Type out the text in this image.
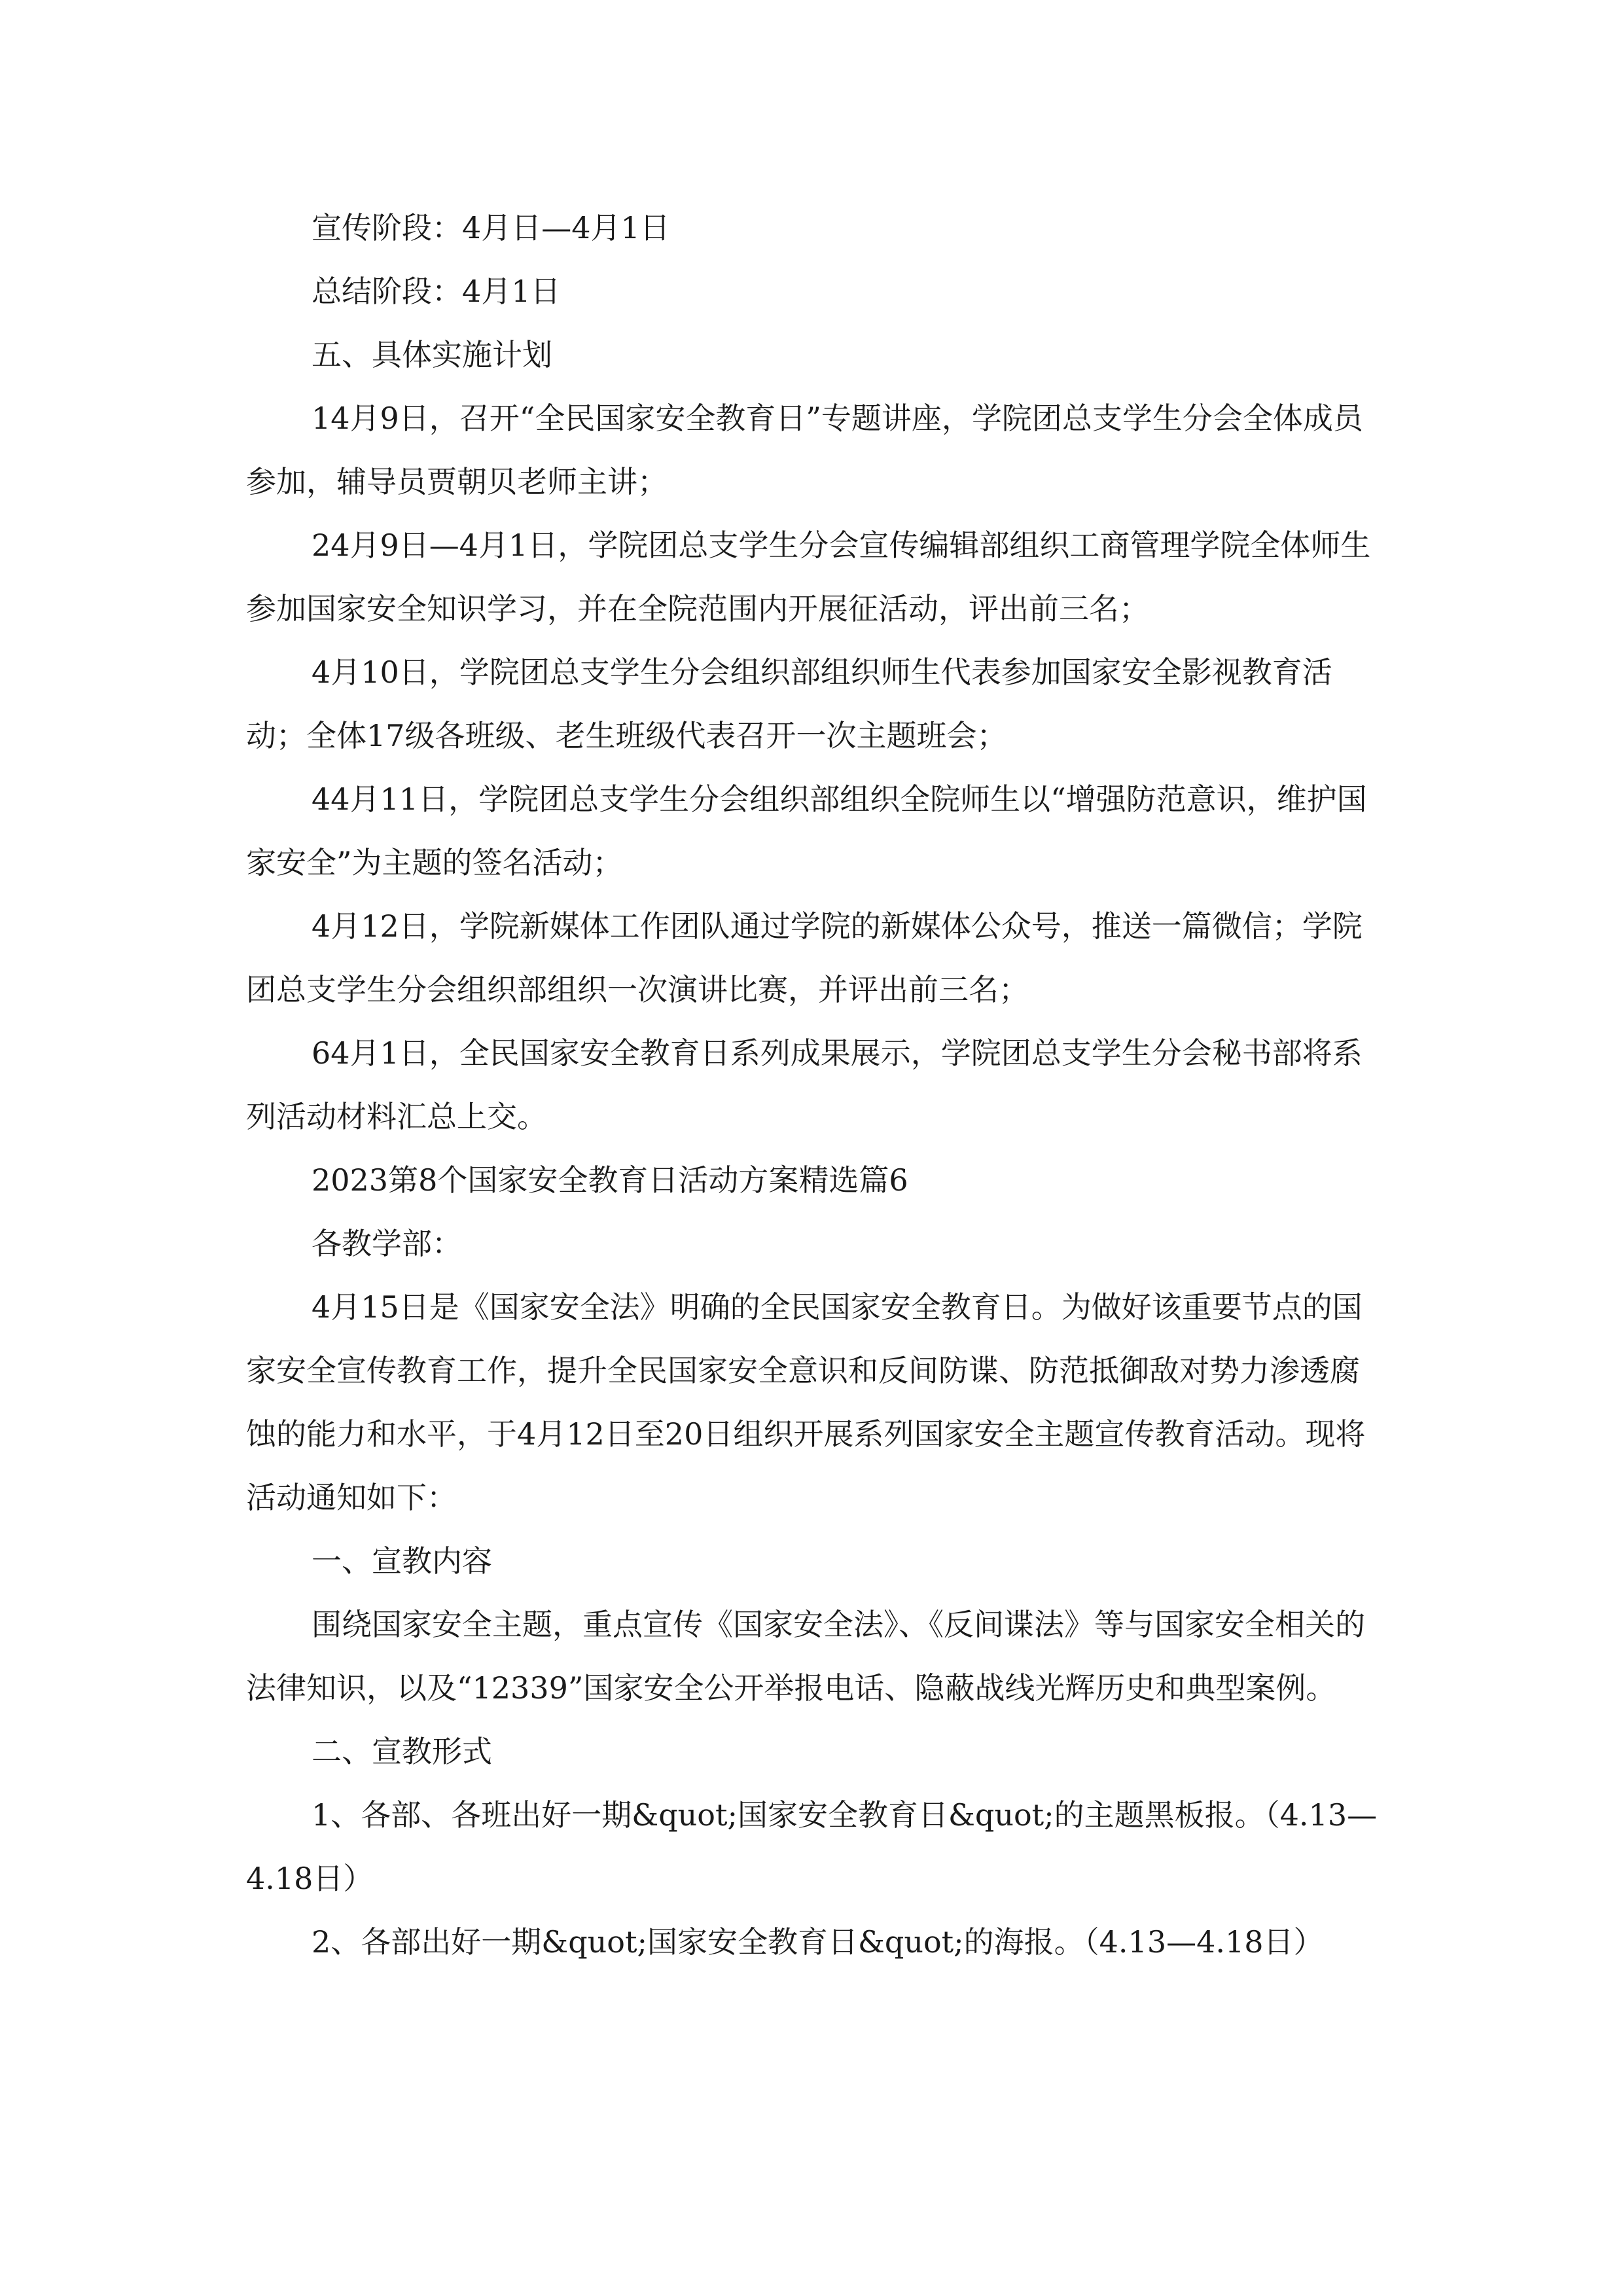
宣传阶段：4月日—4月1日

总结阶段：4月1日

五、具体实施计划

14月9日，召开“全民国家安全教育日”专题讲座，学院团总支学生分会全体成员参加，辅导员贾朝贝老师主讲；

24月9日—4月1日，学院团总支学生分会宣传编辑部组织工商管理学院全体师生参加国家安全知识学习，并在全院范围内开展征活动，评出前三名；

4月10日，学院团总支学生分会组织部组织师生代表参加国家安全影视教育活动；全体17级各班级、老生班级代表召开一次主题班会；

44月11日，学院团总支学生分会组织部组织全院师生以“增强防范意识，维护国家安全”为主题的签名活动；

4月12日，学院新媒体工作团队通过学院的新媒体公众号，推送一篇微信；学院团总支学生分会组织部组织一次演讲比赛，并评出前三名；

64月1日，全民国家安全教育日系列成果展示，学院团总支学生分会秘书部将系列活动材料汇总上交。

2023第8个国家安全教育日活动方案精选篇6

各教学部：

4月15日是《国家安全法》明确的全民国家安全教育日。为做好该重要节点的国家安全宣传教育工作，提升全民国家安全意识和反间防谍、防范抵御敌对势力渗透腐蚀的能力和水平，于4月12日至20日组织开展系列国家安全主题宣传教育活动。现将活动通知如下：

一、宣教内容

围绕国家安全主题，重点宣传《国家安全法》、《反间谍法》等与国家安全相关的法律知识，以及“12339”国家安全公开举报电话、隐蔽战线光辉历史和典型案例。

二、宣教形式

1、各部、各班出好一期&quot;国家安全教育日&quot;的主题黑板报。（4.13—4.18日）

2、各部出好一期&quot;国家安全教育日&quot;的海报。（4.13—4.18日）
